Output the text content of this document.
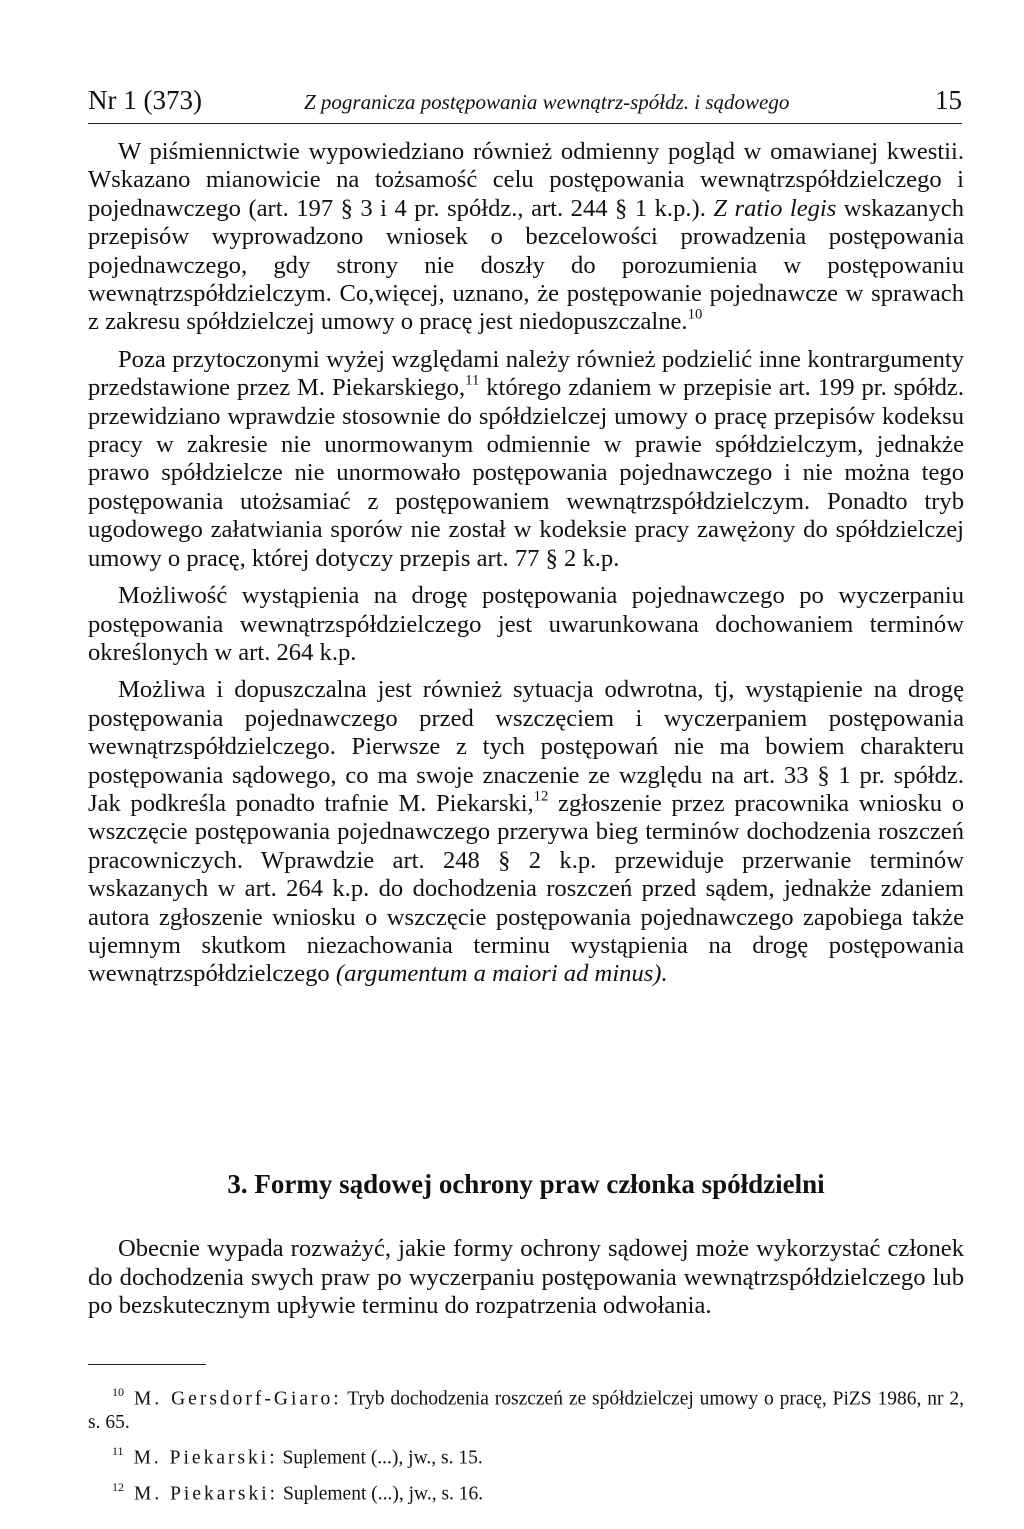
Nr 1 (373)	Z pogranicza postępowania wewnątrz-spółdz. i sądowego	15

W piśmiennictwie wypowiedziano również odmienny pogląd w omawianej kwestii. Wskazano mianowicie na tożsamość celu postępowania wewnątrzspółdzielczego i pojednawczego (art. 197 § 3 i 4 pr. spółdz., art. 244 § 1 k.p.). Z ratio legis wskazanych przepisów wyprowadzono wniosek o bezcelowości prowadzenia postępowania pojednawczego, gdy strony nie doszły do porozumienia w postępowaniu wewnątrzspółdzielczym. Co,więcej, uznano, że postępowanie pojednawcze w sprawach z zakresu spółdzielczej umowy o pracę jest niedopuszczalne.$^{10}$

Poza przytoczonymi wyżej względami należy również podzielić inne kontrargumenty przedstawione przez M. Piekarskiego,$^{11}$ którego zdaniem w przepisie art. 199 pr. spółdz. przewidziano wprawdzie stosownie do spółdzielczej umowy o pracę przepisów kodeksu pracy w zakresie nie unormowanym odmiennie w prawie spółdzielczym, jednakże prawo spółdzielcze nie unormowało postępowania pojednawczego i nie można tego postępowania utożsamiać z postępowaniem wewnątrzspółdzielczym. Ponadto tryb ugodowego załatwiania sporów nie został w kodeksie pracy zawężony do spółdzielczej umowy o pracę, której dotyczy przepis art. 77 § 2 k.p.

Możliwość wystąpienia na drogę postępowania pojednawczego po wyczerpaniu postępowania wewnątrzspółdzielczego jest uwarunkowana dochowaniem terminów określonych w art. 264 k.p.

Możliwa i dopuszczalna jest również sytuacja odwrotna, tj, wystąpienie na drogę postępowania pojednawczego przed wszczęciem i wyczerpaniem postępowania wewnątrzspółdzielczego. Pierwsze z tych postępowań nie ma bowiem charakteru postępowania sądowego, co ma swoje znaczenie ze względu na art. 33 § 1 pr. spółdz. Jak podkreśla ponadto trafnie M. Piekarski,$^{12}$ zgłoszenie przez pracownika wniosku o wszczęcie postępowania pojednawczego przerywa bieg terminów dochodzenia roszczeń pracowniczych. Wprawdzie art. 248 § 2 k.p. przewiduje przerwanie terminów wskazanych w art. 264 k.p. do dochodzenia roszczeń przed sądem, jednakże zdaniem autora zgłoszenie wniosku o wszczęcie postępowania pojednawczego zapobiega także ujemnym skutkom niezachowania terminu wystąpienia na drogę postępowania wewnątrzspółdzielczego (argumentum a maiori ad minus).

3. Formy sądowej ochrony praw członka spółdzielni

Obecnie wypada rozważyć, jakie formy ochrony sądowej może wykorzystać członek do dochodzenia swych praw po wyczerpaniu postępowania wewnątrzspółdzielczego lub po bezskutecznym upływie terminu do rozpatrzenia odwołania.

$^{10}$ M. Gersdorf-Giaro: Tryb dochodzenia roszczeń ze spółdzielczej umowy o pracę, PiZS 1986, nr 2, s. 65.
$^{11}$ M. Piekarski: Suplement (...), jw., s. 15.
$^{12}$ M. Piekarski: Suplement (...), jw., s. 16.
